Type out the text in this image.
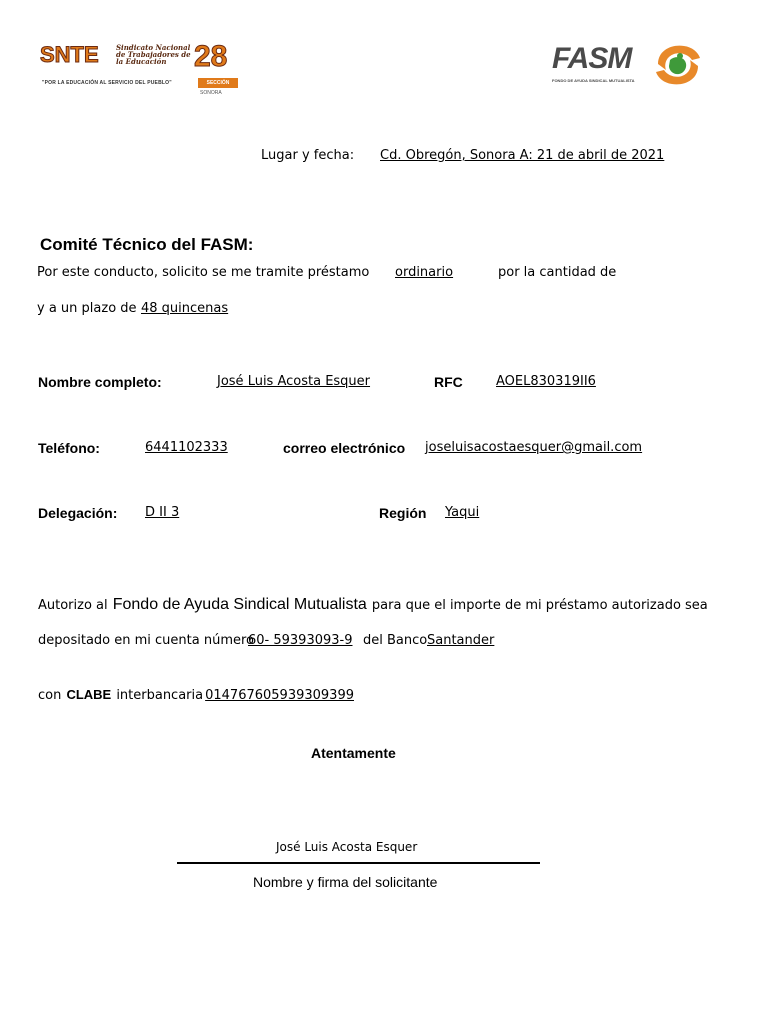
SNTE Sindicato Nacional de Trabajadores de la Educación
"POR LA EDUCACIÓN AL SERVICIO DEL PUEBLO"
28
SECCIÓN
SONORA
FASM
FONDO DE AYUDA SINDICAL MUTUALISTA
Lugar y fecha: Cd. Obregón, Sonora A: 21 de abril de 2021
Comité Técnico del FASM:
Por este conducto, solicito se me tramite préstamo ordinario	por la cantidad de
y a un plazo de 48 quincenas
Nombre completo:	José Luis Acosta Esquer	RFC	AOEL830319II6
Teléfono:	6441102333	correo electrónico joseluisacostaesquer@gmail.com
Delegación: D II 3	Región Yaqui
Autorizo al Fondo de Ayuda Sindical Mutualista para que el importe de mi préstamo autorizado sea
depositado en mi cuenta número
60- 59393093-9 del Banco Santander
con CLABE interbancaria 014767605939309399
Atentamente
José Luis Acosta Esquer
Nombre y firma del solicitante
